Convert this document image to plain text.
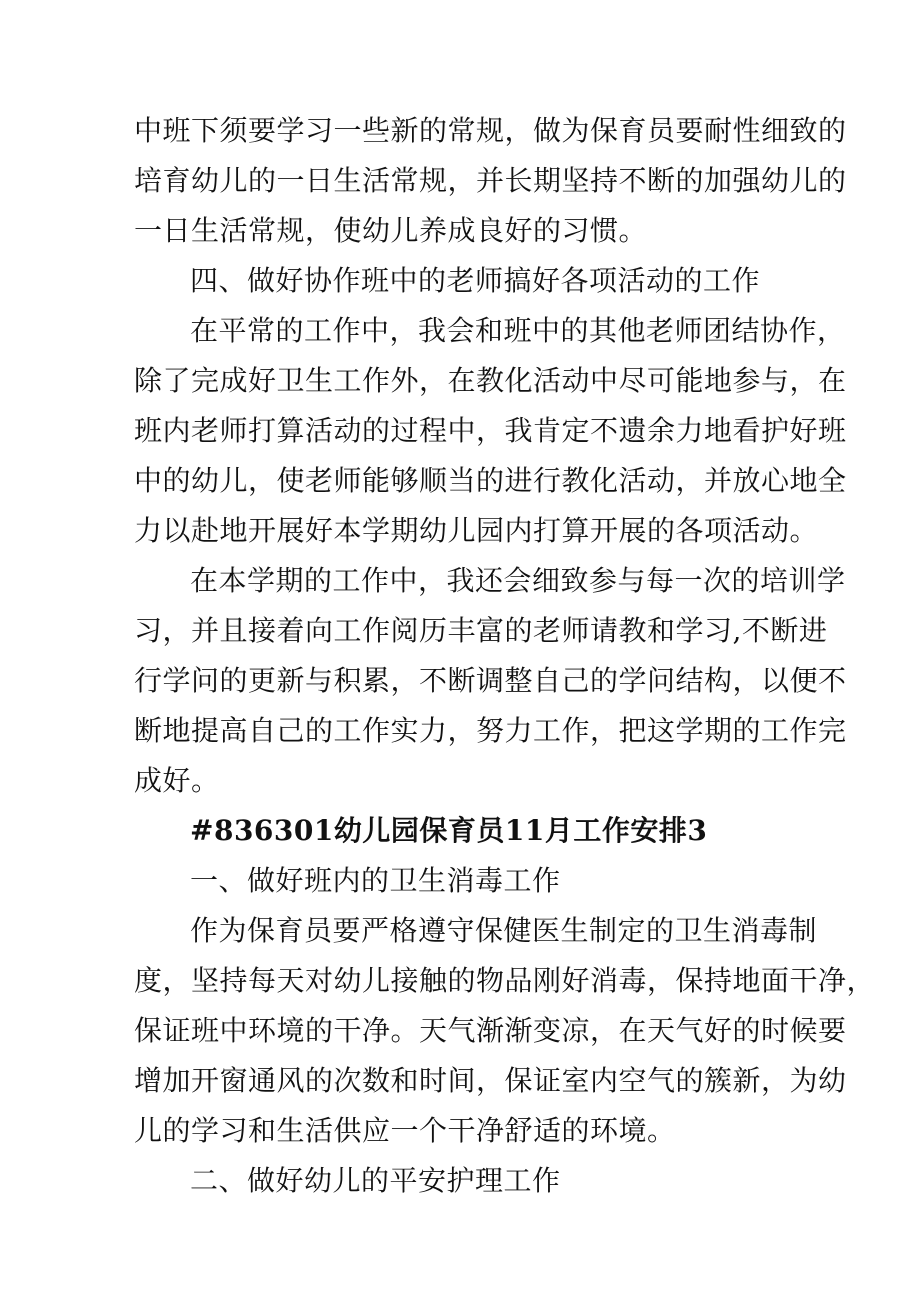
中班下须要学习一些新的常规，做为保育员要耐性细致的
培育幼儿的一日生活常规，并长期坚持不断的加强幼儿的
一日生活常规，使幼儿养成良好的习惯。
四、做好协作班中的老师搞好各项活动的工作
在平常的工作中，我会和班中的其他老师团结协作，
除了完成好卫生工作外，在教化活动中尽可能地参与，在
班内老师打算活动的过程中，我肯定不遗余力地看护好班
中的幼儿，使老师能够顺当的进行教化活动，并放心地全
力以赴地开展好本学期幼儿园内打算开展的各项活动。
在本学期的工作中，我还会细致参与每一次的培训学
习，并且接着向工作阅历丰富的老师请教和学习,不断进
行学问的更新与积累，不断调整自己的学问结构，以便不
断地提高自己的工作实力，努力工作，把这学期的工作完
成好。
#836301幼儿园保育员11月工作安排3
一、做好班内的卫生消毒工作
作为保育员要严格遵守保健医生制定的卫生消毒制
度，坚持每天对幼儿接触的物品刚好消毒，保持地面干净，
保证班中环境的干净。天气渐渐变凉，在天气好的时候要
增加开窗通风的次数和时间，保证室内空气的簇新，为幼
儿的学习和生活供应一个干净舒适的环境。
二、做好幼儿的平安护理工作
